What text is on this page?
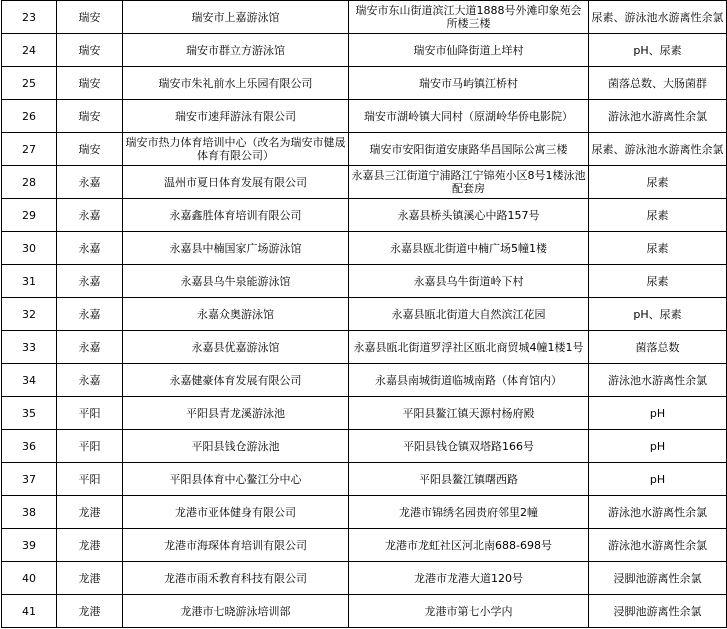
23	瑞安	瑞安市上嘉游泳馆	瑞安市东山街道滨江大道1888号外滩印象苑会所楼三楼	尿素、游泳池水游离性余氯
24	瑞安	瑞安市群立方游泳馆	瑞安市仙降街道上垟村	pH、尿素
25	瑞安	瑞安市朱礼前水上乐园有限公司	瑞安市马屿镇江桥村	菌落总数、大肠菌群
26	瑞安	瑞安市速拜游泳有限公司	瑞安市湖岭镇大同村（原湖岭华侨电影院）	游泳池水游离性余氯
27	瑞安	瑞安市热力体育培训中心（改名为瑞安市健晟体育有限公司）	瑞安市安阳街道安康路华昌国际公寓三楼	尿素、游泳池水游离性余氯
28	永嘉	温州市夏日体育发展有限公司	永嘉县三江街道宁浦路江宁锦苑小区8号1楼泳池配套房	尿素
29	永嘉	永嘉鑫胜体育培训有限公司	永嘉县桥头镇溪心中路157号	尿素
30	永嘉	永嘉县中楠国家广场游泳馆	永嘉县瓯北街道中楠广场5幢1楼	尿素
31	永嘉	永嘉县乌牛泉能游泳馆	永嘉县乌牛街道岭下村	尿素
32	永嘉	永嘉众奥游泳馆	永嘉县瓯北街道大自然滨江花园	pH、尿素
33	永嘉	永嘉县优嘉游泳馆	永嘉县瓯北街道罗浮社区瓯北商贸城4幢1楼1号	菌落总数
34	永嘉	永嘉健豪体育发展有限公司	永嘉县南城街道临城南路（体育馆内）	游泳池水游离性余氯
35	平阳	平阳县青龙溪游泳池	平阳县鳌江镇天源村杨府殿	pH
36	平阳	平阳县钱仓游泳池	平阳县钱仓镇双塔路166号	pH
37	平阳	平阳县体育中心鳌江分中心	平阳县鳌江镇曙西路	pH
38	龙港	龙港市亚体健身有限公司	龙港市锦绣名园贵府邻里2幢	游泳池水游离性余氯
39	龙港	龙港市海琛体育培训有限公司	龙港市龙虹社区河北南688-698号	游泳池水游离性余氯
40	龙港	龙港市雨禾教育科技有限公司	龙港市龙港大道120号	浸脚池游离性余氯
41	龙港	龙港市七晓游泳培训部	龙港市第七小学内	浸脚池游离性余氯
